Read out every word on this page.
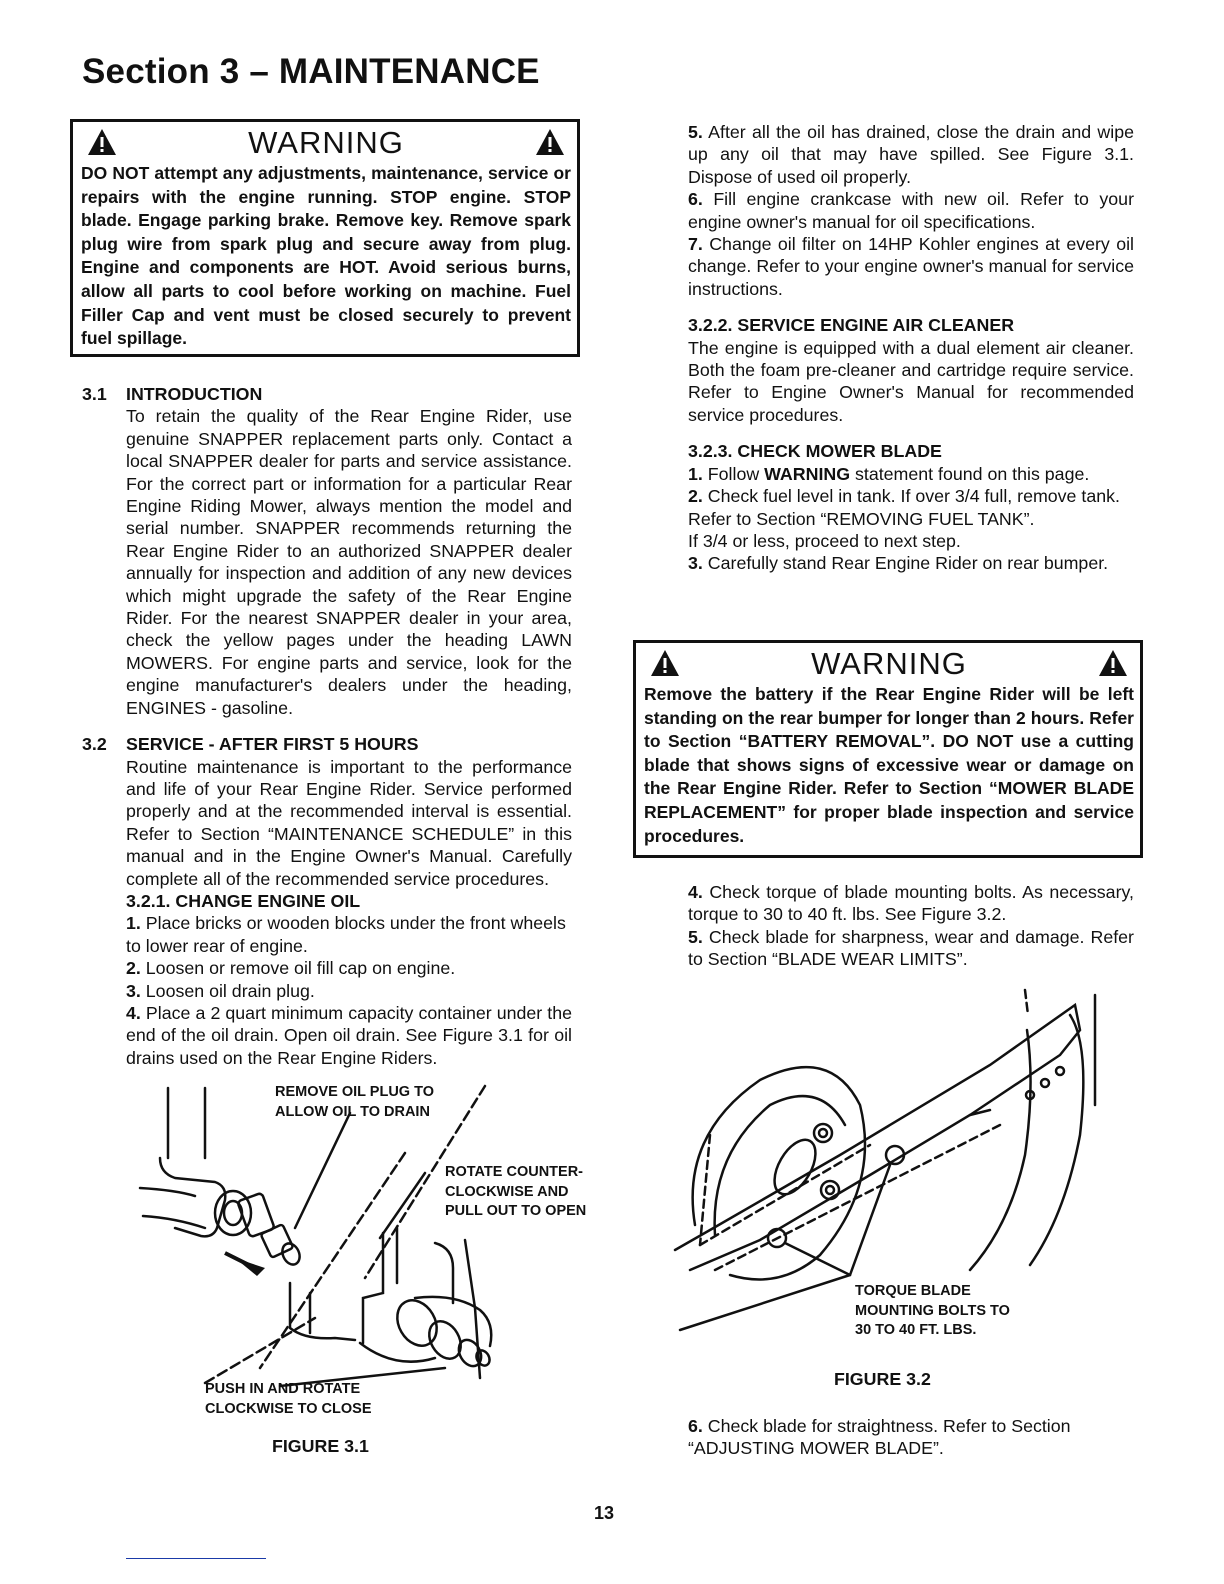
Section 3 – MAINTENANCE
WARNING
DO NOT attempt any adjustments, maintenance, service or repairs with the engine running. STOP engine. STOP blade. Engage parking brake. Remove key. Remove spark plug wire from spark plug and secure away from plug. Engine and components are HOT. Avoid serious burns, allow all parts to cool before working on machine. Fuel Filler Cap and vent must be closed securely to prevent fuel spillage.
3.1 INTRODUCTION

To retain the quality of the Rear Engine Rider, use genuine SNAPPER replacement parts only. Contact a local SNAPPER dealer for parts and service assistance. For the correct part or information for a particular Rear Engine Riding Mower, always mention the model and serial number. SNAPPER recommends returning the Rear Engine Rider to an authorized SNAPPER dealer annually for inspection and addition of any new devices which might upgrade the safety of the Rear Engine Rider. For the nearest SNAPPER dealer in your area, check the yellow pages under the heading LAWN MOWERS. For engine parts and service, look for the engine manufacturer's dealers under the heading, ENGINES - gasoline.

3.2 SERVICE - AFTER FIRST 5 HOURS

Routine maintenance is important to the performance and life of your Rear Engine Rider. Service performed properly and at the recommended interval is essential. Refer to Section “MAINTENANCE SCHEDULE” in this manual and in the Engine Owner's Manual. Carefully complete all of the recommended service procedures.

3.2.1. CHANGE ENGINE OIL

1. Place bricks or wooden blocks under the front wheels to lower rear of engine.

2. Loosen or remove oil fill cap on engine.

3. Loosen oil drain plug.

4. Place a 2 quart minimum capacity container under the end of the oil drain. Open oil drain. See Figure 3.1 for oil drains used on the Rear Engine Riders.

REMOVE OIL PLUG TO
ALLOW OIL TO DRAIN
ROTATE COUNTER-
CLOCKWISE AND
PULL OUT TO OPEN
PUSH IN AND ROTATE
CLOCKWISE TO CLOSE
FIGURE 3.1

5. After all the oil has drained, close the drain and wipe up any oil that may have spilled. See Figure 3.1. Dispose of used oil properly.

6. Fill engine crankcase with new oil. Refer to your engine owner's manual for oil specifications.

7. Change oil filter on 14HP Kohler engines at every oil change. Refer to your engine owner's manual for service instructions.

3.2.2. SERVICE ENGINE AIR CLEANER

The engine is equipped with a dual element air cleaner. Both the foam pre-cleaner and cartridge require service. Refer to Engine Owner's Manual for recommended service procedures.

3.2.3. CHECK MOWER BLADE

1. Follow WARNING statement found on this page.

2. Check fuel level in tank. If over 3/4 full, remove tank. Refer to Section “REMOVING FUEL TANK”.

If 3/4 or less, proceed to next step.

3. Carefully stand Rear Engine Rider on rear bumper.

WARNING
Remove the battery if the Rear Engine Rider will be left standing on the rear bumper for longer than 2 hours. Refer to Section “BATTERY REMOVAL”. DO NOT use a cutting blade that shows signs of excessive wear or damage on the Rear Engine Rider. Refer to Section “MOWER BLADE REPLACEMENT” for proper blade inspection and service procedures.

4. Check torque of blade mounting bolts. As necessary, torque to 30 to 40 ft. lbs. See Figure 3.2.

5. Check blade for sharpness, wear and damage. Refer to Section “BLADE WEAR LIMITS”.

TORQUE BLADE
MOUNTING BOLTS TO
30 TO 40 FT. LBS.
FIGURE 3.2

6. Check blade for straightness. Refer to Section “ADJUSTING MOWER BLADE”.

13
